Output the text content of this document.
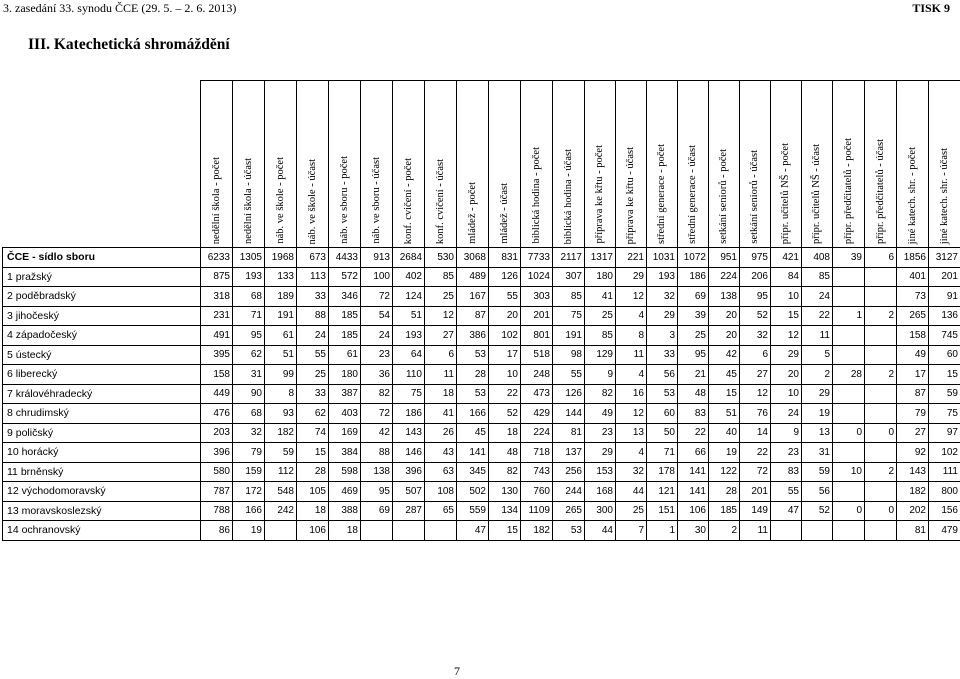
3. zasedání 33. synodu ČCE (29. 5. – 2. 6. 2013)	TISK 9
III. Katechetická shromáždění

	nedělní škola - počet	nedělní škola - účast	náb. ve škole - počet	náb. ve škole - účast	náb. ve sboru - počet	náb. ve sboru - účast	konf. cvičení - počet	konf. cvičení - účast	mládež - počet	mládež - účast	biblická hodina - počet	biblická hodina - účast	příprava ke křtu - počet	příprava ke křtu - účast	střední generace - počet	střední generace - účast	setkání seniorů - počet	setkání seniorů - účast	přípr. učitelů NŠ - počet	přípr. učitelů NŠ - účast	přípr. předčitatelů - počet	přípr. předčitatelů - účast	jiné katech. shr. - počet	jiné katech. shr. - účast

ČCE - sídlo sboru	6233	1305	1968	673	4433	913	2684	530	3068	831	7733	2117	1317	221	1031	1072	951	975	421	408	39	6	1856	3127
1 pražský	875	193	133	113	572	100	402	85	489	126	1024	307	180	29	193	186	224	206	84	85			401	201
2 poděbradský	318	68	189	33	346	72	124	25	167	55	303	85	41	12	32	69	138	95	10	24			73	91
3 jihočeský	231	71	191	88	185	54	51	12	87	20	201	75	25	4	29	39	20	52	15	22	1	2	265	136
4 západočeský	491	95	61	24	185	24	193	27	386	102	801	191	85	8	3	25	20	32	12	11			158	745
5 ústecký	395	62	51	55	61	23	64	6	53	17	518	98	129	11	33	95	42	6	29	5			49	60
6 liberecký	158	31	99	25	180	36	110	11	28	10	248	55	9	4	56	21	45	27	20	2	28	2	17	15
7 královéhradecký	449	90	8	33	387	82	75	18	53	22	473	126	82	16	53	48	15	12	10	29			87	59
8 chrudimský	476	68	93	62	403	72	186	41	166	52	429	144	49	12	60	83	51	76	24	19			79	75
9 poličský	203	32	182	74	169	42	143	26	45	18	224	81	23	13	50	22	40	14	9	13	0	0	27	97
10 horácký	396	79	59	15	384	88	146	43	141	48	718	137	29	4	71	66	19	22	23	31			92	102
11 brněnský	580	159	112	28	598	138	396	63	345	82	743	256	153	32	178	141	122	72	83	59	10	2	143	111
12 východomoravský	787	172	548	105	469	95	507	108	502	130	760	244	168	44	121	141	28	201	55	56			182	800
13 moravskoslezský	788	166	242	18	388	69	287	65	559	134	1109	265	300	25	151	106	185	149	47	52	0	0	202	156
14 ochranovský	86	19		106	18				47	15	182	53	44	7	1	30	2	11					81	479
7
